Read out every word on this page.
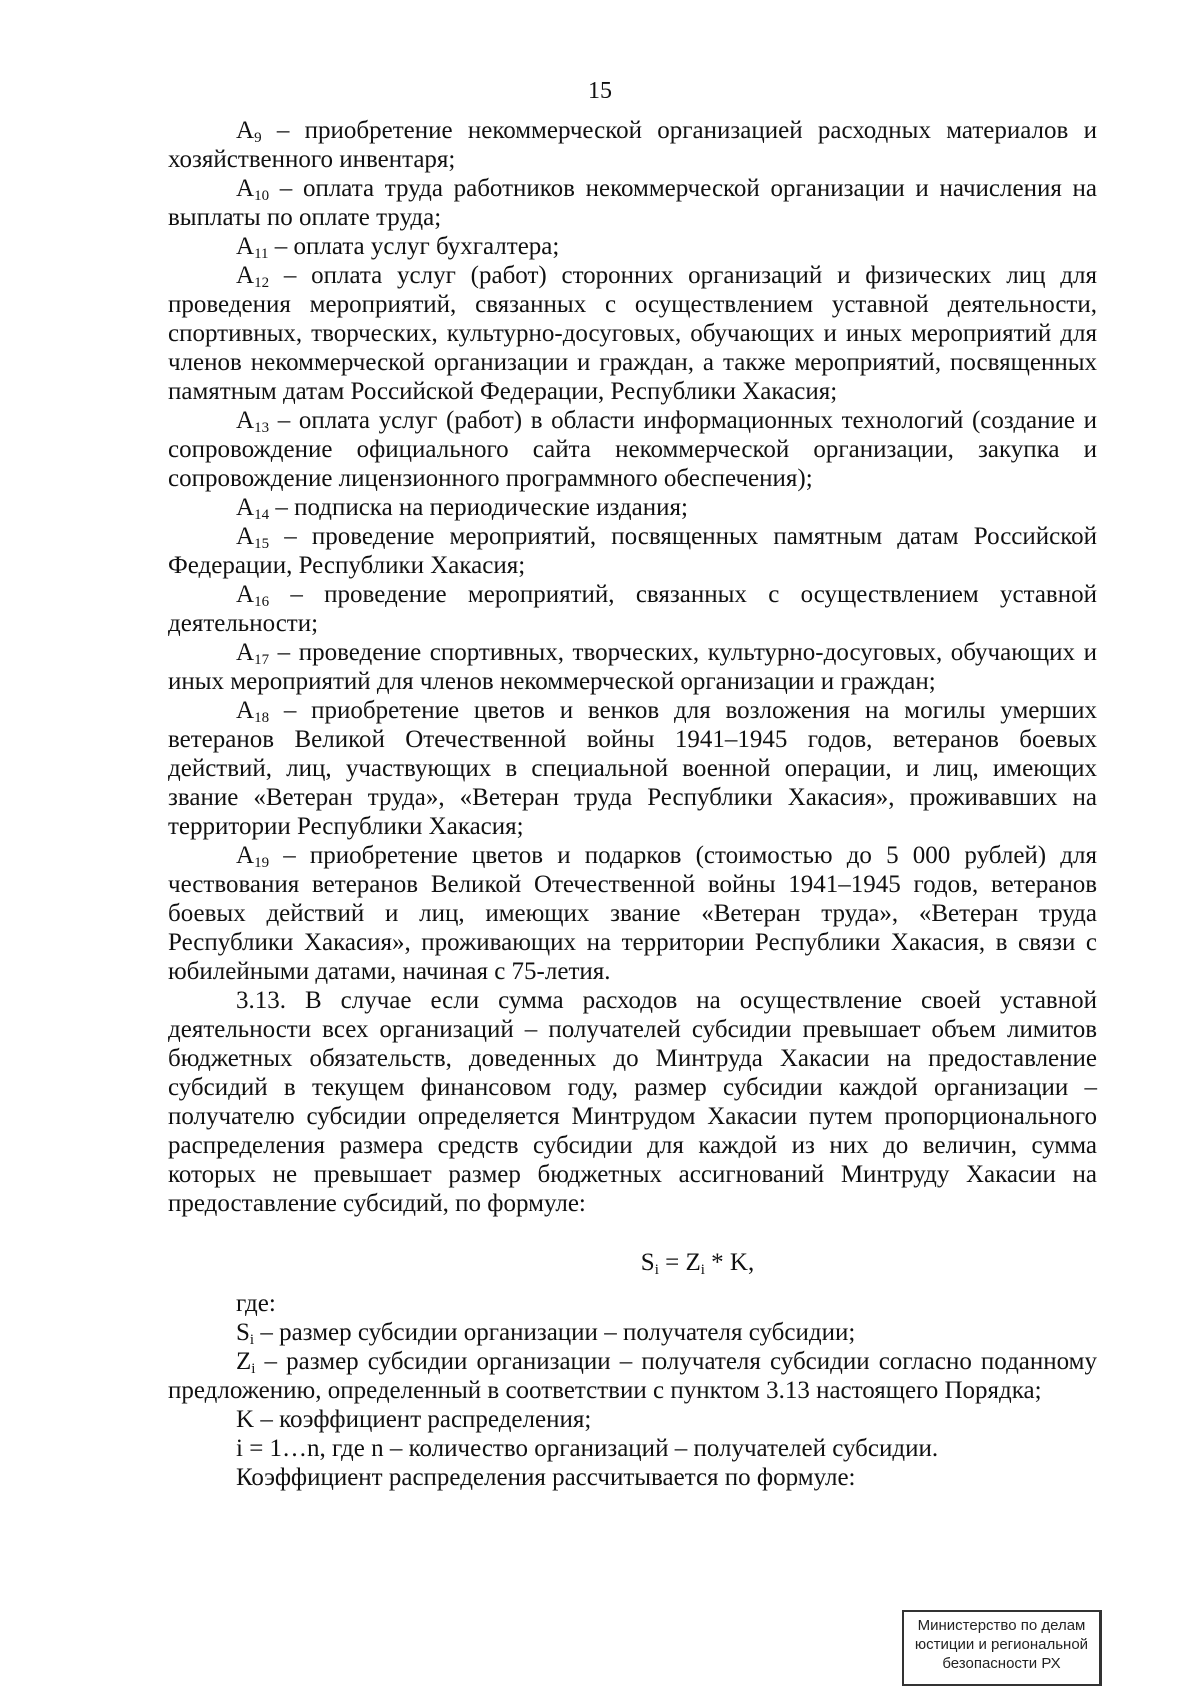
15

$А_9$ – приобретение некоммерческой организацией расходных материалов и хозяйственного инвентаря;

$А_{10}$ – оплата труда работников некоммерческой организации и начисления на выплаты по оплате труда;

$А_{11}$ – оплата услуг бухгалтера;

$А_{12}$ – оплата услуг (работ) сторонних организаций и физических лиц для проведения мероприятий, связанных с осуществлением уставной деятельности, спортивных, творческих, культурно-досуговых, обучающих и иных мероприятий для членов некоммерческой организации и граждан, а также мероприятий, посвященных памятным датам Российской Федерации, Республики Хакасия;

$А_{13}$ – оплата услуг (работ) в области информационных технологий (создание и сопровождение официального сайта некоммерческой организации, закупка и сопровождение лицензионного программного обеспечения);

$А_{14}$ – подписка на периодические издания;

$А_{15}$ – проведение мероприятий, посвященных памятным датам Российской Федерации, Республики Хакасия;

$А_{16}$ – проведение мероприятий, связанных с осуществлением уставной деятельности;

$А_{17}$ – проведение спортивных, творческих, культурно-досуговых, обучающих и иных мероприятий для членов некоммерческой организации и граждан;

$А_{18}$ – приобретение цветов и венков для возложения на могилы умерших ветеранов Великой Отечественной войны 1941–1945 годов, ветеранов боевых действий, лиц, участвующих в специальной военной операции, и лиц, имеющих звание «Ветеран труда», «Ветеран труда Республики Хакасия», проживавших на территории Республики Хакасия;

$А_{19}$ – приобретение цветов и подарков (стоимостью до 5 000 рублей) для чествования ветеранов Великой Отечественной войны 1941–1945 годов, ветеранов боевых действий и лиц, имеющих звание «Ветеран труда», «Ветеран труда Республики Хакасия», проживающих на территории Республики Хакасия, в связи с юбилейными датами, начиная с 75-летия.

3.13. В случае если сумма расходов на осуществление своей уставной деятельности всех организаций – получателей субсидии превышает объем лимитов бюджетных обязательств, доведенных до Минтруда Хакасии на предоставление субсидий в текущем финансовом году, размер субсидии каждой организации – получателю субсидии определяется Минтрудом Хакасии путем пропорционального распределения размера средств субсидии для каждой из них до величин, сумма которых не превышает размер бюджетных ассигнований Минтруду Хакасии на предоставление субсидий, по формуле:

$S_i = Z_i * K$,

где:

$S_i$ – размер субсидии организации – получателя субсидии;

$Z_i$ – размер субсидии организации – получателя субсидии согласно поданному предложению, определенный в соответствии с пунктом 3.13 настоящего Порядка;

K – коэффициент распределения;

i = 1…n, где n – количество организаций – получателей субсидии.

Коэффициент распределения рассчитывается по формуле:

Министерство по делам
юстиции и региональной
безопасности РХ
